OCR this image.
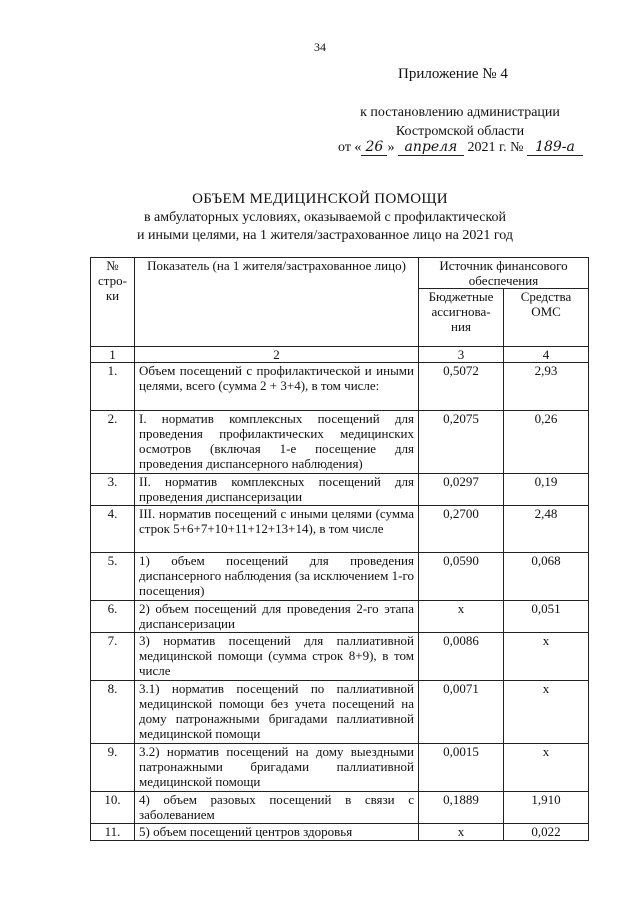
34
Приложение № 4
к постановлению администрации
Костромской области
от « 26 » апреля 2021 г. № 189-а
ОБЪЕМ МЕДИЦИНСКОЙ ПОМОЩИ
в амбулаторных условиях, оказываемой с профилактической
и иными целями, на 1 жителя/застрахованное лицо на 2021 год
№ стро-ки	Показатель (на 1 жителя/застрахованное лицо)	Источник финансового обеспечения	
		Бюджетные ассигнова-ния	Средства ОМС
1	2	3	4
1.	Объем посещений с профилактической и иными целями, всего (сумма 2 + 3+4), в том числе:	0,5072	2,93
2.	I. норматив комплексных посещений для проведения профилактических медицинских осмотров (включая 1-е посещение для проведения диспансерного наблюдения)	0,2075	0,26
3.	II. норматив комплексных посещений для проведения диспансеризации	0,0297	0,19
4.	III. норматив посещений с иными целями (сумма строк 5+6+7+10+11+12+13+14), в том числе	0,2700	2,48
5.	1) объем посещений для проведения диспансерного наблюдения (за исключением 1-го посещения)	0,0590	0,068
6.	2) объем посещений для проведения 2-го этапа диспансеризации	х	0,051
7.	3) норматив посещений для паллиативной медицинской помощи (сумма строк 8+9), в том числе	0,0086	х
8.	3.1) норматив посещений по паллиативной медицинской помощи без учета посещений на дому патронажными бригадами паллиативной медицинской помощи	0,0071	х
9.	3.2) норматив посещений на дому выездными патронажными бригадами паллиативной медицинской помощи	0,0015	х
10.	4) объем разовых посещений в связи с заболеванием	0,1889	1,910
11.	5) объем посещений центров здоровья	х	0,022
